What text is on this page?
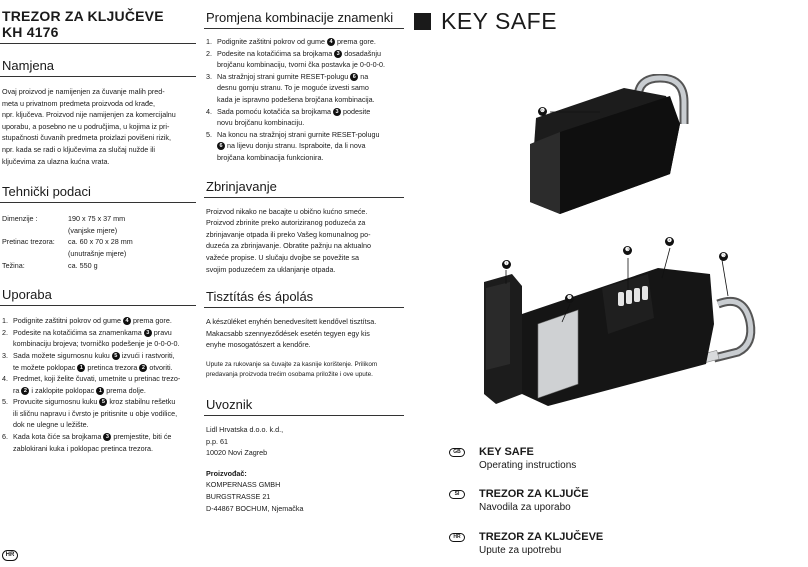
TREZOR ZA KLJUČEVE
KH 4176
Namjena
Ovaj proizvod je namijenjen za čuvanje malih pred-
meta u privatnom predmeta proizvoda od krađe,
npr. ključeva. Proizvod nije namijenjen za komercijalnu
uporabu, a posebno ne u područjima, u kojima iz pri-
stupačnosti čuvanih predmeta proizlazi povišeni rizik,
npr. kada se radi o ključevima za slučaj nužde ili
ključevima za ulazna kućna vrata.
Tehnički podaci
Dimenzije :	190 x 75 x 37 mm
(vanjske mjere)
Pretinac trezora:	ca. 60 x 70 x 28 mm
(unutrašnje mjere)
Težina:	ca. 550 g
Uporaba
1. Podignite zaštitni pokrov od gume 4 prema gore.
2. Podesite na kotačićima sa znamenkama 3 pravu
kombinaciju brojeva; tvorničko podešenje je 0-0-0-0.
3. Sada možete sigurnosnu kuku 5 izvući i rastvoriti,
te možete poklopac 1 pretinca trezora 2 otvoriti.
4. Predmet, koji želite čuvati, umetnite u pretinac trezo-
ra 2 i zaklopite poklopac 1 prema dolje.
5. Provucite sigurnosnu kuku 5 kroz stabilnu rešetku
ili sličnu napravu i čvrsto je pritisnite u obje vodilice,
dok ne ulegne u ležište.
6. Kada kota čiće sa brojkama 3 premjestite, biti će
zablokirani kuka i poklopac pretinca trezora.
HR
Promjena kombinacije znamenki
1. Podignite zaštitni pokrov od gume 4 prema gore.
2. Podesite na kotačićima sa brojkama 3 dosadašnju
brojčanu kombinaciju, tvorni čka postavka je 0-0-0-0.
3. Na stražnjoj strani gurnite RESET-polugu 6 na
desnu gornju stranu. To je moguće izvesti samo
kada je ispravno podešena brojčana kombinacija.
4. Sada pomoću kotačića sa brojkama 3 podesite
novu brojčanu kombinaciju.
5. Na koncu na stražnjoj strani gurnite RESET-polugu
6 na lijevu donju stranu. Ispraboite, da li nova
brojčana kombinacija funkcionira.
Zbrinjavanje
Proizvod nikako ne bacajte u obično kućno smeće.
Proizvod zbrinite preko autoriziranog poduzeća za
zbrinjavanje otpada ili preko Vašeg komunalnog po-
duzeća za zbrinjavanje. Obratite pažnju na aktualno
važeće propise. U slučaju dvojbe se povežite sa
svojim poduzećem za uklanjanje otpada.
Tisztítás és ápolás
A készüléket enyhén benedvesített kendővel tisztítsa.
Makacsabb szennyeződések esetén tegyen egy kis
enyhe mosogatószert a kendőre.
Upute za rukovanje sa čuvajte za kasnije korištenje. Prilikom
predavanja proizvoda trećim osobama priložite i ove upute.
Uvoznik
Lidl Hrvatska d.o.o. k.d.,
p.p. 61
10020 Novi Zagreb
Proizvođač:
KOMPERNASS GMBH
BURGSTRASSE 21
D-44867 BOCHUM, Njemačka
KEY SAFE
❻
❶
❷
❸
❹
❺
GB	KEY SAFE
Operating instructions
SI	TREZOR ZA KLJUČE
Navodila za uporabo
HR	TREZOR ZA KLJUČEVE
Upute za upotrebu
